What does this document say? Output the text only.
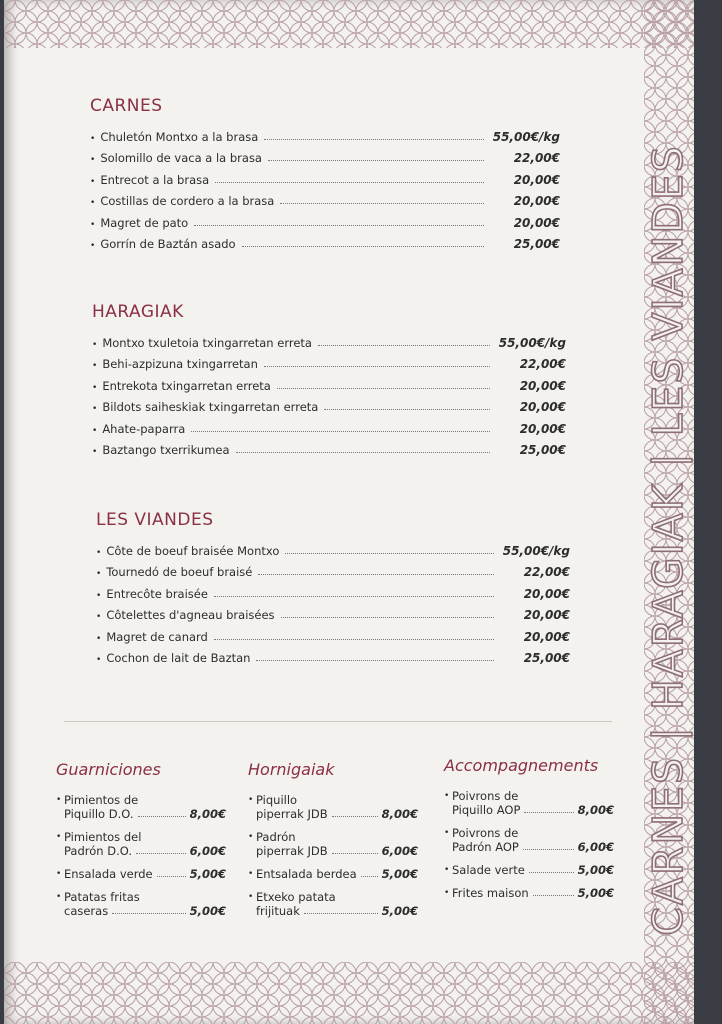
CARNES
• Chuletón Montxo a la brasa	55,00€/kg
• Solomillo de vaca a la brasa	22,00€
• Entrecot a la brasa	20,00€
• Costillas de cordero a la brasa	20,00€
• Magret de pato	20,00€
• Gorrín de Baztán asado	25,00€
HARAGIAK
• Montxo txuletoia txingarretan erreta	55,00€/kg
• Behi-azpizuna txingarretan	22,00€
• Entrekota txingarretan erreta	20,00€
• Bildots saiheskiak txingarretan erreta	20,00€
• Ahate-paparra	20,00€
• Baztango txerrikumea	25,00€
LES VIANDES
• Côte de boeuf braisée Montxo	55,00€/kg
• Tournedó de boeuf braisé	22,00€
• Entrecôte braisée	20,00€
• Côtelettes d'agneau braisées	20,00€
• Magret de canard	20,00€
• Cochon de lait de Baztan	25,00€
Guarniciones
• Pimientos de
Piquillo D.O.	8,00€
• Pimientos del
Padrón D.O.	6,00€
• Ensalada verde	5,00€
• Patatas fritas
caseras	5,00€
Hornigaiak
• Piquillo
piperrak JDB	8,00€
• Padrón
piperrak JDB	6,00€
• Entsalada berdea 5,00€
• Etxeko patata
frijituak	5,00€
Accompagnements
• Poivrons de
Piquillo AOP	8,00€
• Poivrons de
Padrón AOP	6,00€
• Salade verte	5,00€
• Frites maison	5,00€ CARNES | HARAGIAK | LES VIANDES
